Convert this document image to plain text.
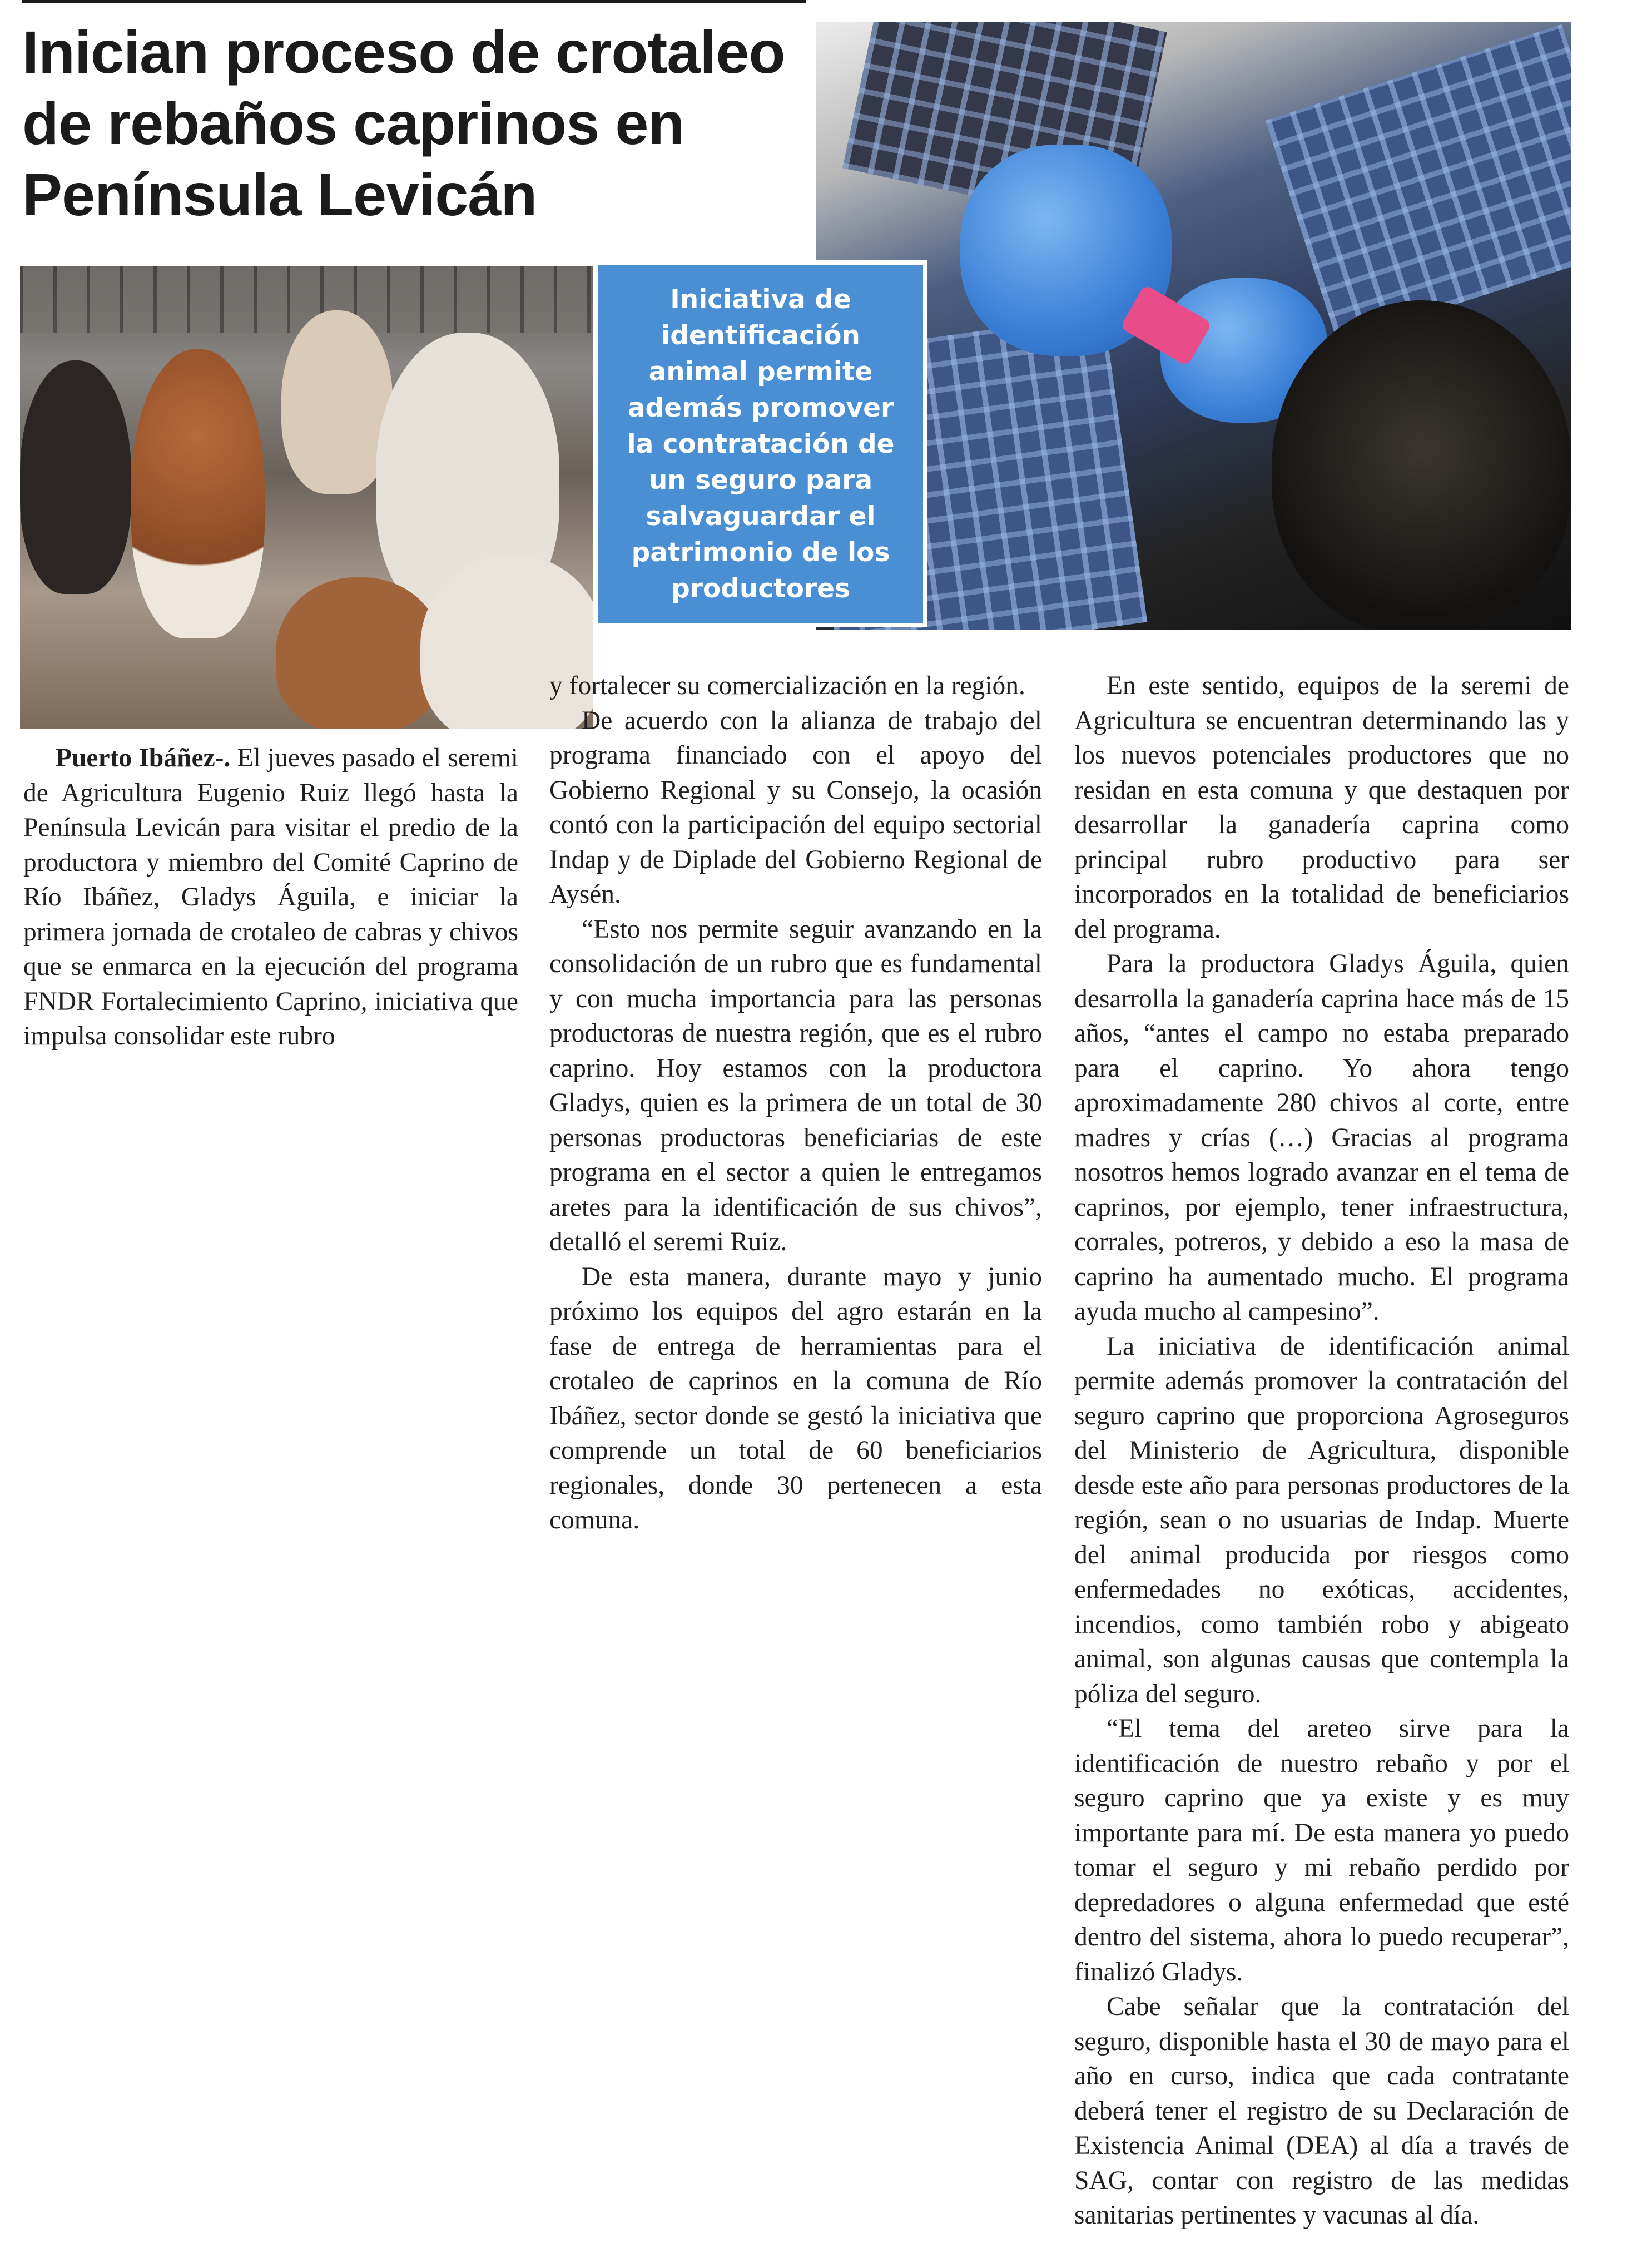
Inician proceso de crotaleo
de rebaños caprinos en
Península Levicán

Iniciativa de identificación animal permite además promover la contratación de un seguro para salvaguardar el patrimonio de los productores

Puerto Ibáñez-. El jueves pasado el seremi de Agricultura Eugenio Ruiz llegó hasta la Península Levicán para visitar el predio de la productora y miembro del Comité Caprino de Río Ibáñez, Gladys Águila, e iniciar la primera jornada de crotaleo de cabras y chivos que se enmarca en la ejecución del programa FNDR Fortalecimiento Caprino, iniciativa que impulsa consolidar este rubro

y fortalecer su comercialización en la región.

De acuerdo con la alianza de trabajo del programa financiado con el apoyo del Gobierno Regional y su Consejo, la ocasión contó con la participación del equipo sectorial Indap y de Diplade del Gobierno Regional de Aysén.

“Esto nos permite seguir avanzando en la consolidación de un rubro que es fundamental y con mucha importancia para las personas productoras de nuestra región, que es el rubro caprino. Hoy estamos con la productora Gladys, quien es la primera de un total de 30 personas productoras beneficiarias de este programa en el sector a quien le entregamos aretes para la identificación de sus chivos”, detalló el seremi Ruiz.

De esta manera, durante mayo y junio próximo los equipos del agro estarán en la fase de entrega de herramientas para el crotaleo de caprinos en la comuna de Río Ibáñez, sector donde se gestó la iniciativa que comprende un total de 60 beneficiarios regionales, donde 30 pertenecen a esta comuna.

En este sentido, equipos de la seremi de Agricultura se encuentran determinando las y los nuevos potenciales productores que no residan en esta comuna y que destaquen por desarrollar la ganadería caprina como principal rubro productivo para ser incorporados en la totalidad de beneficiarios del programa.

Para la productora Gladys Águila, quien desarrolla la ganadería caprina hace más de 15 años, “antes el campo no estaba preparado para el caprino. Yo ahora tengo aproximadamente 280 chivos al corte, entre madres y crías (…) Gracias al programa nosotros hemos logrado avanzar en el tema de caprinos, por ejemplo, tener infraestructura, corrales, potreros, y debido a eso la masa de caprino ha aumentado mucho. El programa ayuda mucho al campesino”.

La iniciativa de identificación animal permite además promover la contratación del seguro caprino que proporciona Agroseguros del Ministerio de Agricultura, disponible desde este año para personas productores de la región, sean o no usuarias de Indap. Muerte del animal producida por riesgos como enfermedades no exóticas, accidentes, incendios, como también robo y abigeato animal, son algunas causas que contempla la póliza del seguro.

“El tema del areteo sirve para la identificación de nuestro rebaño y por el seguro caprino que ya existe y es muy importante para mí. De esta manera yo puedo tomar el seguro y mi rebaño perdido por depredadores o alguna enfermedad que esté dentro del sistema, ahora lo puedo recuperar”, finalizó Gladys.

Cabe señalar que la contratación del seguro, disponible hasta el 30 de mayo para el año en curso, indica que cada contratante deberá tener el registro de su Declaración de Existencia Animal (DEA) al día a través de SAG, contar con registro de las medidas sanitarias pertinentes y vacunas al día.
